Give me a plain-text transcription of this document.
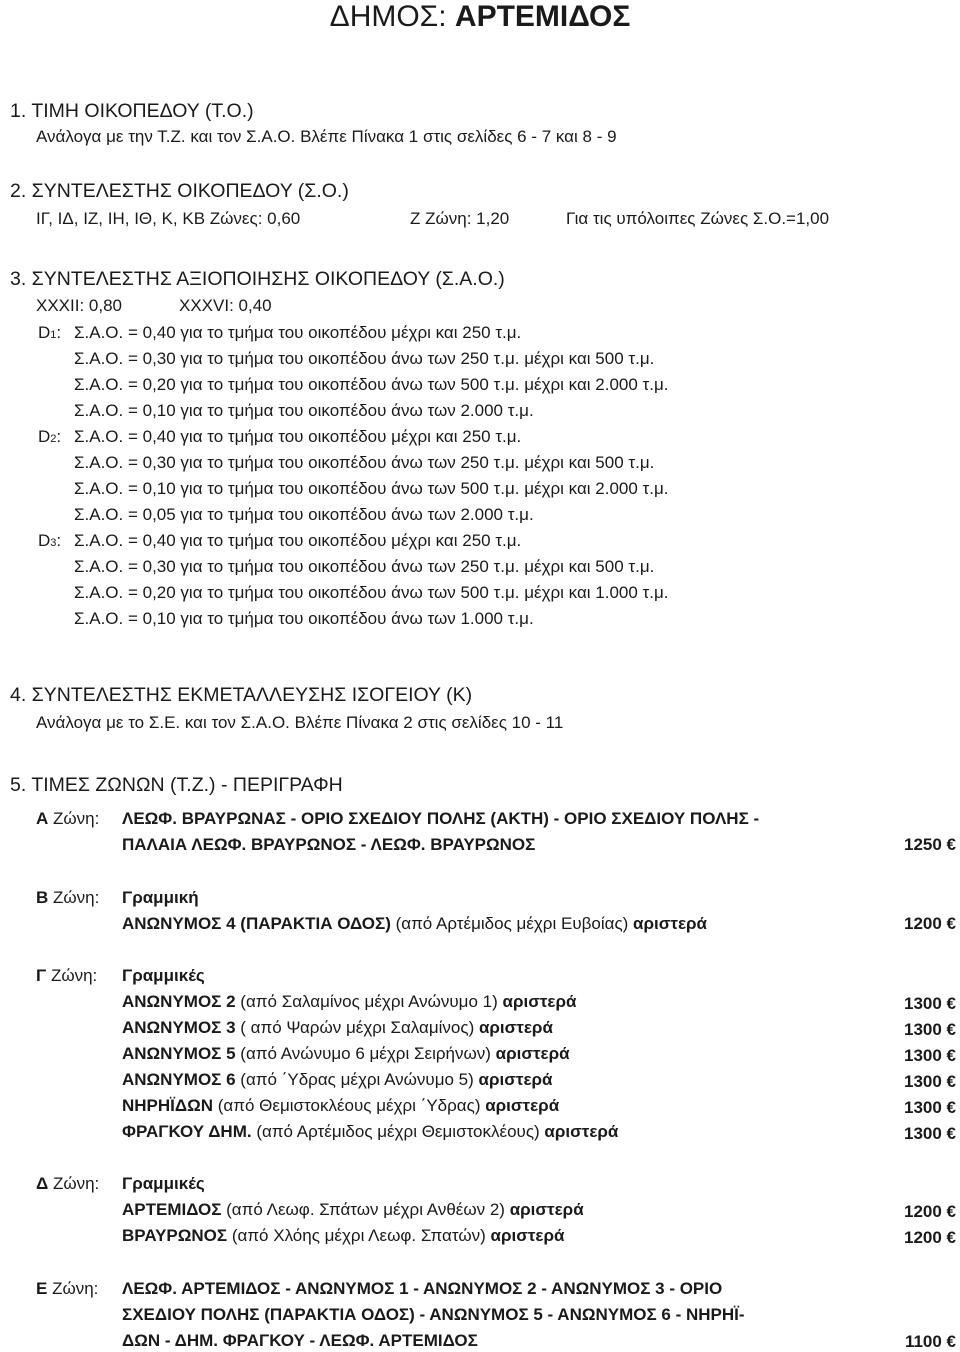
ΔΗΜΟΣ: ΑΡΤΕΜΙΔΟΣ
1. ΤΙΜΗ ΟΙΚΟΠΕΔΟΥ (Τ.Ο.)
Ανάλογα με την Τ.Ζ. και τον Σ.Α.Ο. Βλέπε Πίνακα 1 στις σελίδες 6 - 7 και 8 - 9
2. ΣΥΝΤΕΛΕΣΤΗΣ ΟΙΚΟΠΕΔΟΥ (Σ.Ο.)
ΙΓ, ΙΔ, ΙΖ, ΙΗ, ΙΘ, Κ, ΚΒ Ζώνες: 0,60	Ζ Ζώνη: 1,20	Για τις υπόλοιπες Ζώνες Σ.Ο.=1,00
3. ΣΥΝΤΕΛΕΣΤΗΣ ΑΞΙΟΠΟΙΗΣΗΣ ΟΙΚΟΠΕΔΟΥ (Σ.Α.Ο.)
XXXII: 0,80	XXXVI: 0,40
D1: Σ.Α.Ο. = 0,40 για το τμήμα του οικοπέδου μέχρι και 250 τ.μ.
Σ.Α.Ο. = 0,30 για το τμήμα του οικοπέδου άνω των 250 τ.μ. μέχρι και 500 τ.μ.
Σ.Α.Ο. = 0,20 για το τμήμα του οικοπέδου άνω των 500 τ.μ. μέχρι και 2.000 τ.μ.
Σ.Α.Ο. = 0,10 για το τμήμα του οικοπέδου άνω των 2.000 τ.μ.
D2: Σ.Α.Ο. = 0,40 για το τμήμα του οικοπέδου μέχρι και 250 τ.μ.
Σ.Α.Ο. = 0,30 για το τμήμα του οικοπέδου άνω των 250 τ.μ. μέχρι και 500 τ.μ.
Σ.Α.Ο. = 0,10 για το τμήμα του οικοπέδου άνω των 500 τ.μ. μέχρι και 2.000 τ.μ.
Σ.Α.Ο. = 0,05 για το τμήμα του οικοπέδου άνω των 2.000 τ.μ.
D3: Σ.Α.Ο. = 0,40 για το τμήμα του οικοπέδου μέχρι και 250 τ.μ.
Σ.Α.Ο. = 0,30 για το τμήμα του οικοπέδου άνω των 250 τ.μ. μέχρι και 500 τ.μ.
Σ.Α.Ο. = 0,20 για το τμήμα του οικοπέδου άνω των 500 τ.μ. μέχρι και 1.000 τ.μ.
Σ.Α.Ο. = 0,10 για το τμήμα του οικοπέδου άνω των 1.000 τ.μ.
4. ΣΥΝΤΕΛΕΣΤΗΣ ΕΚΜΕΤΑΛΛΕΥΣΗΣ ΙΣΟΓΕΙΟΥ (Κ)
Ανάλογα με το Σ.Ε. και τον Σ.Α.Ο. Βλέπε Πίνακα 2 στις σελίδες 10 - 11
5. ΤΙΜΕΣ ΖΩΝΩΝ (Τ.Ζ.) - ΠΕΡΙΓΡΑΦΗ
Α Ζώνη: ΛΕΩΦ. ΒΡΑΥΡΩΝΑΣ - ΟΡΙΟ ΣΧΕΔΙΟΥ ΠΟΛΗΣ (ΑΚΤΗ) - ΟΡΙΟ ΣΧΕΔΙΟΥ ΠΟΛΗΣ -
ΠΑΛΑΙΑ ΛΕΩΦ. ΒΡΑΥΡΩΝΟΣ - ΛΕΩΦ. ΒΡΑΥΡΩΝΟΣ	1250 €
Β Ζώνη: Γραμμική
ΑΝΩΝΥΜΟΣ 4 (ΠΑΡΑΚΤΙΑ ΟΔΟΣ) (από Αρτέμιδος μέχρι Ευβοίας) αριστερά	1200 €
Γ Ζώνη: Γραμμικές
ΑΝΩΝΥΜΟΣ 2 (από Σαλαμίνος μέχρι Ανώνυμο 1) αριστερά	1300 €
ΑΝΩΝΥΜΟΣ 3 ( από Ψαρών μέχρι Σαλαμίνος) αριστερά	1300 €
ΑΝΩΝΥΜΟΣ 5 (από Ανώνυμο 6 μέχρι Σειρήνων) αριστερά	1300 €
ΑΝΩΝΥΜΟΣ 6 (από ΄Υδρας μέχρι Ανώνυμο 5) αριστερά	1300 €
ΝΗΡΗΪΔΩΝ (από Θεμιστοκλέους μέχρι ΄Υδρας) αριστερά	1300 €
ΦΡΑΓΚΟΥ ΔΗΜ. (από Αρτέμιδος μέχρι Θεμιστοκλέους) αριστερά	1300 €
Δ Ζώνη: Γραμμικές
ΑΡΤΕΜΙΔΟΣ (από Λεωφ. Σπάτων μέχρι Ανθέων 2) αριστερά	1200 €
ΒΡΑΥΡΩΝΟΣ (από Χλόης μέχρι Λεωφ. Σπατών) αριστερά	1200 €
Ε Ζώνη: ΛΕΩΦ. ΑΡΤΕΜΙΔΟΣ - ΑΝΩΝΥΜΟΣ 1 - ΑΝΩΝΥΜΟΣ 2 - ΑΝΩΝΥΜΟΣ 3 - ΟΡΙΟ
ΣΧΕΔΙΟΥ ΠΟΛΗΣ (ΠΑΡΑΚΤΙΑ ΟΔΟΣ) - ΑΝΩΝΥΜΟΣ 5 - ΑΝΩΝΥΜΟΣ 6 - ΝΗΡΗΪ-
ΔΩΝ - ΔΗΜ. ΦΡΑΓΚΟΥ - ΛΕΩΦ. ΑΡΤΕΜΙΔΟΣ	1100 €
